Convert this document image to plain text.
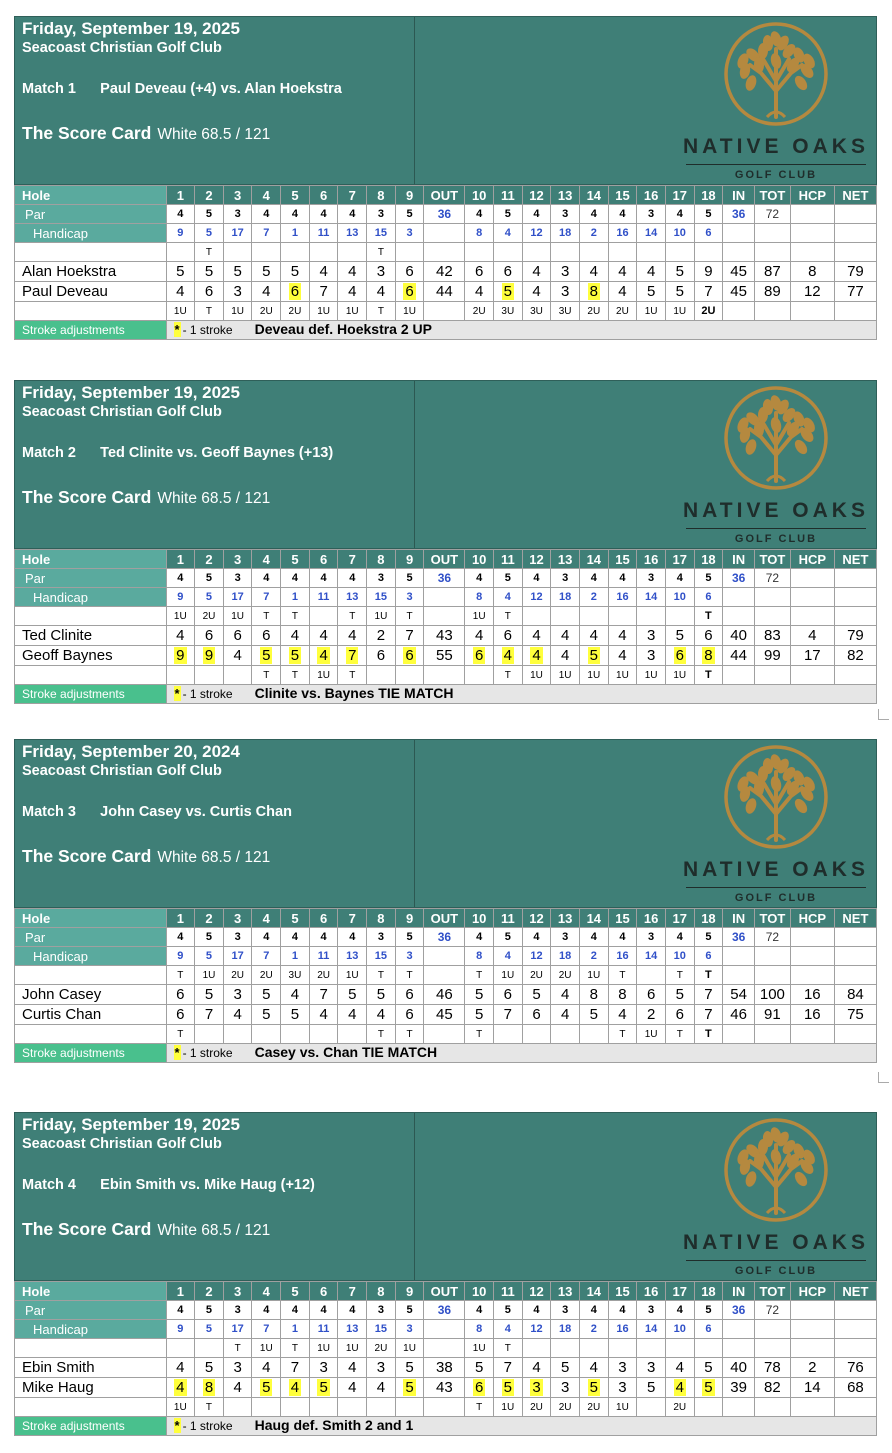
Friday, September 19, 2025
Seacoast Christian Golf Club
Match 1      Paul Deveau (+4) vs. Alan Hoekstra
The Score Card White 68.5 / 121
NATIVE OAKS
GOLF CLUB
Hole	1	2	3	4	5	6	7	8	9	OUT	10	11	12	13	14	15	16	17	18	IN	TOT	HCP	NET
Par	4	5	3	4	4	4	4	3	5	36	4	5	4	3	4	4	3	4	5	36	72		
Handicap	9	5	17	7	1	11	13	15	3		8	4	12	18	2	16	14	10	6				
		T						T															
Alan Hoekstra	5	5	5	5	5	4	4	3	6	42	6	6	4	3	4	4	4	5	9	45	87	8	79
Paul Deveau	4	6	3	4	6	7	4	4	6	44	4	5	4	3	8	4	5	5	7	45	89	12	77
	1U	T	1U	2U	2U	1U	1U	T	1U		2U	3U	3U	3U	2U	2U	1U	1U	2U				
Stroke adjustments	* - 1 stroke Deveau def. Hoekstra 2 UP																						
Friday, September 19, 2025
Seacoast Christian Golf Club
Match 2      Ted Clinite vs. Geoff Baynes (+13)
The Score Card White 68.5 / 121
NATIVE OAKS
GOLF CLUB
Hole	1	2	3	4	5	6	7	8	9	OUT	10	11	12	13	14	15	16	17	18	IN	TOT	HCP	NET
Par	4	5	3	4	4	4	4	3	5	36	4	5	4	3	4	4	3	4	5	36	72		
Handicap	9	5	17	7	1	11	13	15	3		8	4	12	18	2	16	14	10	6				
	1U	2U	1U	T	T		T	1U	T		1U	T							T				
Ted Clinite	4	6	6	6	4	4	4	2	7	43	4	6	4	4	4	4	3	5	6	40	83	4	79
Geoff Baynes	9	9	4	5	5	4	7	6	6	55	6	4	4	4	5	4	3	6	8	44	99	17	82
				T	T	1U	T					T	1U	1U	1U	1U	1U	1U	T				
Stroke adjustments	* - 1 stroke Clinite vs. Baynes TIE MATCH																						
Friday, September 20, 2024
Seacoast Christian Golf Club
Match 3      John Casey vs. Curtis Chan
The Score Card White 68.5 / 121
NATIVE OAKS
GOLF CLUB
Hole	1	2	3	4	5	6	7	8	9	OUT	10	11	12	13	14	15	16	17	18	IN	TOT	HCP	NET
Par	4	5	3	4	4	4	4	3	5	36	4	5	4	3	4	4	3	4	5	36	72		
Handicap	9	5	17	7	1	11	13	15	3		8	4	12	18	2	16	14	10	6				
	T	1U	2U	2U	3U	2U	1U	T	T		T	1U	2U	2U	1U	T		T	T				
John Casey	6	5	3	5	4	7	5	5	6	46	5	6	5	4	8	8	6	5	7	54	100	16	84
Curtis Chan	6	7	4	5	5	4	4	4	6	45	5	7	6	4	5	4	2	6	7	46	91	16	75
	T							T	T		T					T	1U	T	T				
Stroke adjustments	* - 1 stroke Casey vs. Chan TIE MATCH																						
Friday, September 19, 2025
Seacoast Christian Golf Club
Match 4      Ebin Smith vs. Mike Haug (+12)
The Score Card White 68.5 / 121
NATIVE OAKS
GOLF CLUB
Hole	1	2	3	4	5	6	7	8	9	OUT	10	11	12	13	14	15	16	17	18	IN	TOT	HCP	NET
Par	4	5	3	4	4	4	4	3	5	36	4	5	4	3	4	4	3	4	5	36	72		
Handicap	9	5	17	7	1	11	13	15	3		8	4	12	18	2	16	14	10	6				
			T	1U	T	1U	1U	2U	1U		1U	T											
Ebin Smith	4	5	3	4	7	3	4	3	5	38	5	7	4	5	4	3	3	4	5	40	78	2	76
Mike Haug	4	8	4	5	4	5	4	4	5	43	6	5	3	3	5	3	5	4	5	39	82	14	68
	1U	T									T	1U	2U	2U	2U	1U		2U					
Stroke adjustments	* - 1 stroke Haug def. Smith 2 and 1																						
